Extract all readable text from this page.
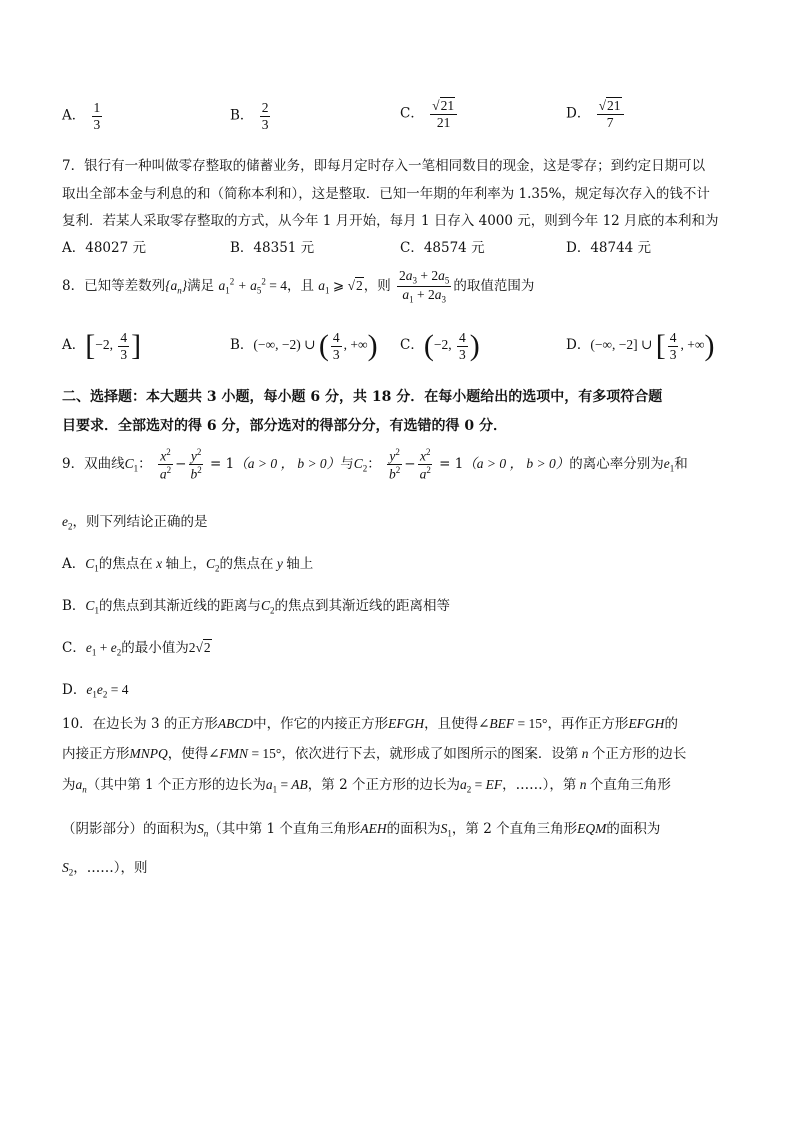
A． $\frac{1}{3}$	B． $\frac{2}{3}$	C． $\frac{√21}{21}$	D． $\frac{√21}{7}$
7．银行有一种叫做零存整取的储蓄业务，即每月定时存入一笔相同数目的现金，这是零存；到约定日期可以
取出全部本金与利息的和（简称本利和），这是整取．已知一年期的年利率为 1.35%，规定每次存入的钱不计
复利．若某人采取零存整取的方式，从今年 1 月开始，每月 1 日存入 4000 元，则到今年 12 月底的本利和为
A．48027 元	B．48351 元	C．48574 元	D．48744 元
8．已知等差数列$\{a_n\}$满足 $a_1^2 + a_5^2 = 4$，且 $a_1$ ⩾ √2，则 $\frac{2a_3 + 2a_5}{a_1 + 2a_3}$ 的取值范围为
A．[−2, $\frac{4}{3}$ ]	B．(−∞, −2) ∪ ( $\frac{4}{3}$ , +∞) C．(−2, $\frac{4}{3}$ )	D．(−∞, −2] ∪ [ $\frac{4}{3}$ , +∞)
二、选择题：本大题共 3 小题，每小题 6 分，共 18 分．在每小题给出的选项中，有多项符合题
目要求．全部选对的得 6 分，部分选对的得部分分，有选错的得 0 分．
9．双曲线$C_1$： $\frac{x^2}{a^2} - \frac{y^2}{b^2} = 1(a > 0$ ， b > 0）与$C_2$： $\frac{y^2}{b^2} - \frac{x^2}{a^2} = 1(a > 0$ ， b > 0）的离心率分别为$e_1$和
$e_2$，则下列结论正确的是
A．$C_1$的焦点在 x 轴上，$C_2$的焦点在 y 轴上
B．$C_1$的焦点到其渐近线的距离与$C_2$的焦点到其渐近线的距离相等
C．$e_1 + e_2$的最小值为2√2
D．$e_1e_2 = 4$
10．在边长为 3 的正方形ABCD中，作它的内接正方形EFGH，且使得∠BEF = 15°，再作正方形EFGH的
内接正方形MNPQ，使得∠FMN = 15°，依次进行下去，就形成了如图所示的图案．设第 n 个正方形的边长
为$a_n$（其中第 1 个正方形的边长为$a_1$ = AB，第 2 个正方形的边长为$a_2$ = EF，……），第 n 个直角三角形
（阴影部分）的面积为$S_n$（其中第 1 个直角三角形AEH的面积为$S_1$，第 2 个直角三角形EQM的面积为
$S_2$，……），则
